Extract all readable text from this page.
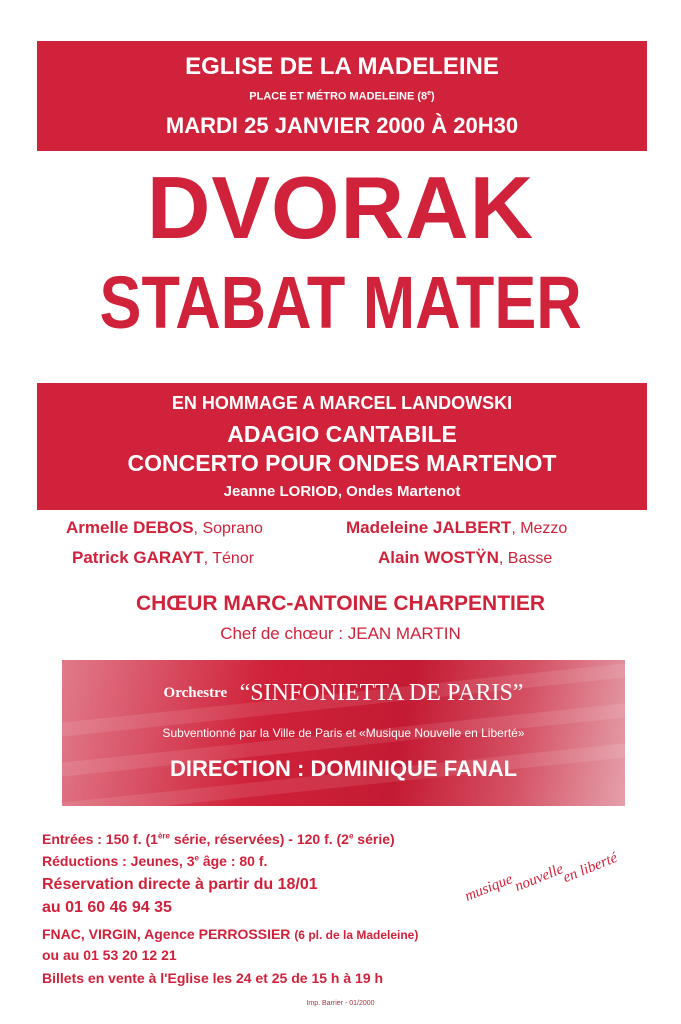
EGLISE DE LA MADELEINE
PLACE ET MÉTRO MADELEINE (8e)
MARDI 25 JANVIER 2000 À 20H30
DVORAK
STABAT MATER
EN HOMMAGE A MARCEL LANDOWSKI
ADAGIO CANTABILE
CONCERTO POUR ONDES MARTENOT
Jeanne LORIOD, Ondes Martenot
Armelle DEBOS, Soprano	Madeleine JALBERT, Mezzo
Patrick GARAYT, Ténor	Alain WOSTŸN, Basse
CHŒUR MARC-ANTOINE CHARPENTIER
Chef de chœur : JEAN MARTIN
Orchestre “SINFONIETTA DE PARIS”
Subventionné par la Ville de Paris et «Musique Nouvelle en Liberté»
DIRECTION : DOMINIQUE FANAL
Entrées : 150 f. (1ère série, réservées) - 120 f. (2e série)
Réductions : Jeunes, 3e âge : 80 f.
Réservation directe à partir du 18/01
au 01 60 46 94 35
FNAC, VIRGIN, Agence PERROSSIER (6 pl. de la Madeleine)
ou au 01 53 20 12 21
Billets en vente à l'Eglise les 24 et 25 de 15 h à 19 h
musique
nouvelle
en liberté
Imp. Barrier - 01/2000
